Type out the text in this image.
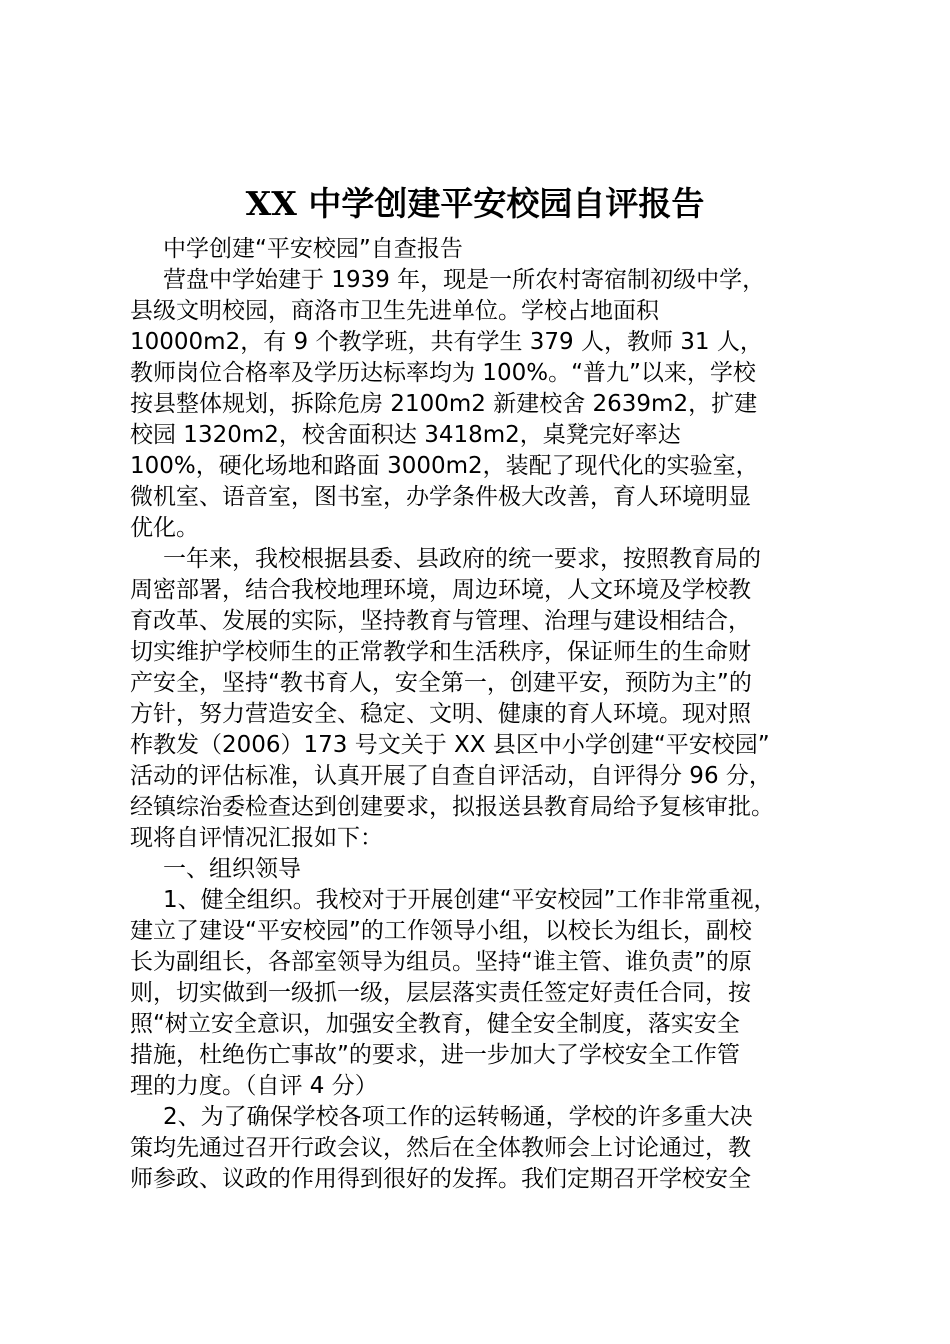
XX 中学创建平安校园自评报告
中学创建“平安校园”自查报告
营盘中学始建于 1939 年，现是一所农村寄宿制初级中学，
县级文明校园，商洛市卫生先进单位。学校占地面积
10000m2，有 9 个教学班，共有学生 379 人，教师 31 人，
教师岗位合格率及学历达标率均为 100%。“普九”以来，学校
按县整体规划，拆除危房 2100m2 新建校舍 2639m2，扩建
校园 1320m2，校舍面积达 3418m2，桌凳完好率达
100%，硬化场地和路面 3000m2，装配了现代化的实验室，
微机室、语音室，图书室，办学条件极大改善，育人环境明显
优化。
一年来，我校根据县委、县政府的统一要求，按照教育局的
周密部署，结合我校地理环境，周边环境，人文环境及学校教
育改革、发展的实际，坚持教育与管理、治理与建设相结合，
切实维护学校师生的正常教学和生活秩序，保证师生的生命财
产安全，坚持“教书育人，安全第一，创建平安，预防为主”的
方针，努力营造安全、稳定、文明、健康的育人环境。现对照
柞教发（2006）173 号文关于 XX 县区中小学创建“平安校园”
活动的评估标准，认真开展了自查自评活动，自评得分 96 分，
经镇综治委检查达到创建要求，拟报送县教育局给予复核审批。
现将自评情况汇报如下：
一、组织领导
1、健全组织。我校对于开展创建“平安校园”工作非常重视，
建立了建设“平安校园”的工作领导小组，以校长为组长，副校
长为副组长，各部室领导为组员。坚持“谁主管、谁负责”的原
则，切实做到一级抓一级，层层落实责任签定好责任合同，按
照“树立安全意识，加强安全教育，健全安全制度，落实安全
措施，杜绝伤亡事故”的要求，进一步加大了学校安全工作管
理的力度。（自评 4 分）
2、为了确保学校各项工作的运转畅通，学校的许多重大决
策均先通过召开行政会议，然后在全体教师会上讨论通过，教
师参政、议政的作用得到很好的发挥。我们定期召开学校安全
